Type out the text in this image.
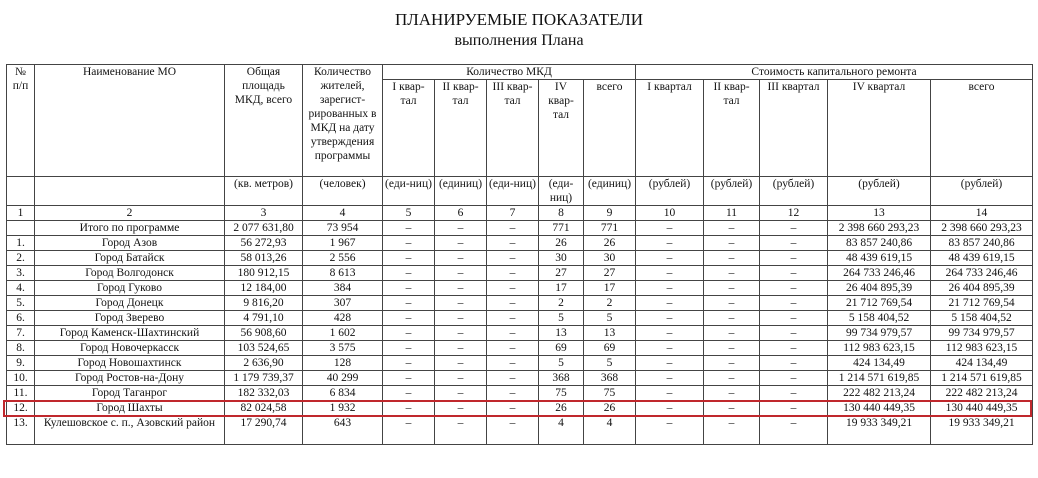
ПЛАНИРУЕМЫЕ ПОКАЗАТЕЛИ
выполнения Плана
№ п/п	Наименование МО	Общая площадь МКД, всего	Количество жителей, зарегист-рированных в МКД на дату утверждения программы	Количество МКД					Стоимость капитального ремонта				
				I квар-тал	II квар-тал	III квар-тал	IV квар-тал	всего	I квартал	II квар-тал	III квартал	IV квартал	всего
		(кв. метров)	(человек)	(еди-ниц)	(единиц)	(еди-ниц)	(еди-ниц)	(единиц)	(рублей)	(рублей)	(рублей)	(рублей)	(рублей)
1	2	3	4	5	6	7	8	9	10	11	12	13	14
	Итого по программе	2 077 631,80	73 954	–	–	–	771	771	–	–	–	2 398 660 293,23	2 398 660 293,23
1.	Город Азов	56 272,93	1 967	–	–	–	26	26	–	–	–	83 857 240,86	83 857 240,86
2.	Город Батайск	58 013,26	2 556	–	–	–	30	30	–	–	–	48 439 619,15	48 439 619,15
3.	Город Волгодонск	180 912,15	8 613	–	–	–	27	27	–	–	–	264 733 246,46	264 733 246,46
4.	Город Гуково	12 184,00	384	–	–	–	17	17	–	–	–	26 404 895,39	26 404 895,39
5.	Город Донецк	9 816,20	307	–	–	–	2	2	–	–	–	21 712 769,54	21 712 769,54
6.	Город Зверево	4 791,10	428	–	–	–	5	5	–	–	–	5 158 404,52	5 158 404,52
7.	Город Каменск-Шахтинский	56 908,60	1 602	–	–	–	13	13	–	–	–	99 734 979,57	99 734 979,57
8.	Город Новочеркасск	103 524,65	3 575	–	–	–	69	69	–	–	–	112 983 623,15	112 983 623,15
9.	Город Новошахтинск	2 636,90	128	–	–	–	5	5	–	–	–	424 134,49	424 134,49
10.	Город Ростов-на-Дону	1 179 739,37	40 299	–	–	–	368	368	–	–	–	1 214 571 619,85	1 214 571 619,85
11.	Город Таганрог	182 332,03	6 834	–	–	–	75	75	–	–	–	222 482 213,24	222 482 213,24
12.	Город Шахты	82 024,58	1 932	–	–	–	26	26	–	–	–	130 440 449,35	130 440 449,35
13.	Кулешовское с. п., Азовский район	17 290,74	643	–	–	–	4	4	–	–	–	19 933 349,21	19 933 349,21
